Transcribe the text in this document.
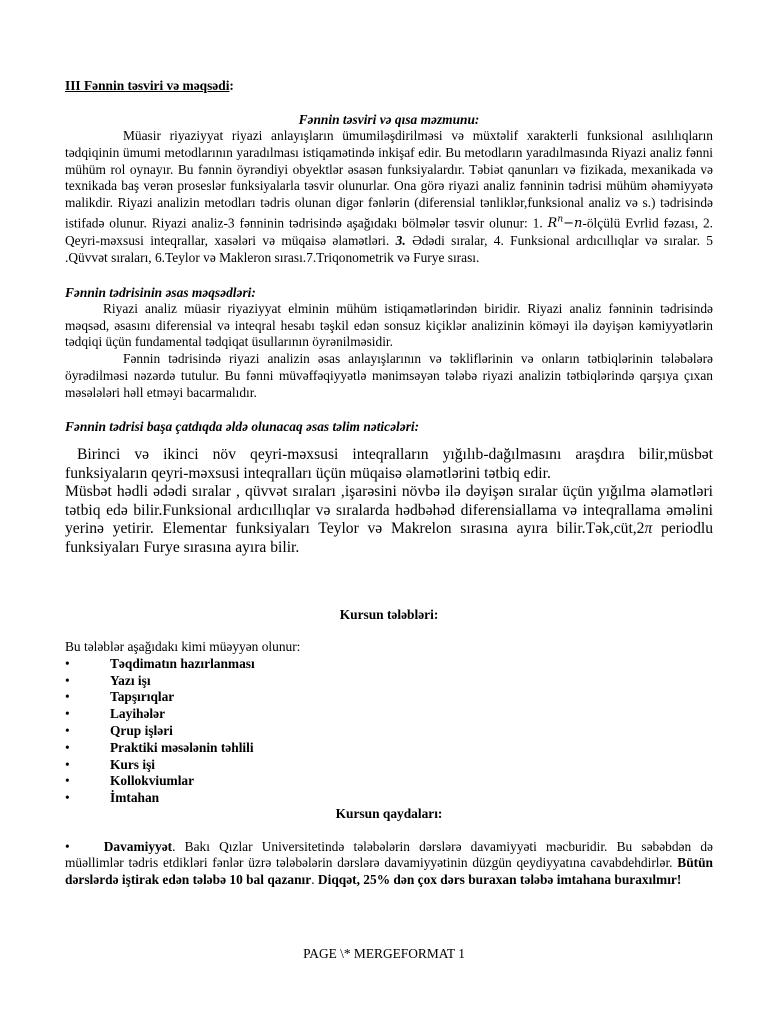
III Fənnin təsviri və məqsədi:

Fənnin təsviri və qısa məzmunu:

Müasir riyaziyyat riyazi anlayışların ümumiləşdirilməsi və müxtəlif xarakterli funksional asılılıqların tədqiqinin ümumi metodlarının yaradılması istiqamətində inkişaf edir. Bu metodların yaradılmasında Riyazi analiz fənni mühüm rol oynayır. Bu fənnin öyrəndiyi obyektlər əsasən funksiyalardır. Təbiət qanunları və fizikada, mexanikada və texnikada baş verən proseslər funksiyalarla təsvir olunurlar. Ona görə riyazi analiz fənninin tədrisi mühüm əhəmiyyətə malikdir. Riyazi analizin metodları tədris olunan digər fənlərin (diferensial tənliklər,funksional analiz və s.) tədrisində istifadə olunur. Riyazi analiz-3 fənninin tədrisində aşağıdakı bölmələr təsvir olunur: 1. $R^n-n$-ölçülü Evrlid fəzası, 2. Qeyri-məxsusi inteqrallar, xasələri və müqaisə əlamətləri. 3. Ədədi sıralar, 4. Funksional ardıcıllıqlar və sıralar. 5 .Qüvvət sıraları, 6.Teylor və Makleron sırası.7.Triqonometrik və Furye sırası.

Fənnin tədrisinin əsas məqsədləri:

Riyazi analiz müasir riyaziyyat elminin mühüm istiqamətlərindən biridir. Riyazi analiz fənninin tədrisində məqsəd, əsasını diferensial və inteqral hesabı təşkil edən sonsuz kiçiklər analizinin köməyi ilə dəyişən kəmiyyətlərin tədqiqi üçün fundamental tədqiqat üsullarının öyrənilməsidir.

Fənnin tədrisində riyazi analizin əsas anlayışlarının və təkliflərinin və onların tətbiqlərinin tələbələrə öyrədilməsi nəzərdə tutulur. Bu fənni müvəffəqiyyətlə mənimsəyən tələbə riyazi analizin tətbiqlərində qarşıya çıxan məsələləri həll etməyi bacarmalıdır.

Fənnin tədrisi başa çatdıqda əldə olunacaq əsas təlim nəticələri:

Birinci və ikinci növ qeyri-məxsusi inteqralların yığılıb-dağılmasını araşdıra bilir,müsbət funksiyaların qeyri-məxsusi inteqralları üçün müqaisə əlamətlərini tətbiq edir.

Müsbət hədli ədədi sıralar , qüvvət sıraları ,işarəsini növbə ilə dəyişən sıralar üçün yığılma əlamətləri tətbiq edə bilir.Funksional ardıcıllıqlar və sıralarda hədbəhəd diferensiallama və inteqrallama əməlini yerinə yetirir. Elementar funksiyaları Teylor və Makrelon sırasına ayıra bilir.Tək,cüt,2π periodlu funksiyaları Furye sırasına ayıra bilir.

Kursun tələbləri:

Bu tələblər aşağıdakı kimi müəyyən olunur:

• Təqdimatın hazırlanması
• Yazı işı
• Tapşırıqlar
• Layihələr
• Qrup işləri
• Praktiki məsələnin təhlili
• Kurs işi
• Kollokviumlar
• İmtahan

Kursun qaydaları:

•	Davamiyyət. Bakı Qızlar Universitetində tələbələrin dərslərə davamiyyəti məcburidir. Bu səbəbdən də müəllimlər tədris etdikləri fənlər üzrə tələbələrin dərslərə davamiyyətinin düzgün qeydiyyatına cavabdehdirlər. Bütün dərslərdə iştirak edən tələbə 10 bal qazanır. Diqqət, 25% dən çox dərs buraxan tələbə imtahana buraxılmır!

PAGE \* MERGEFORMAT 1
